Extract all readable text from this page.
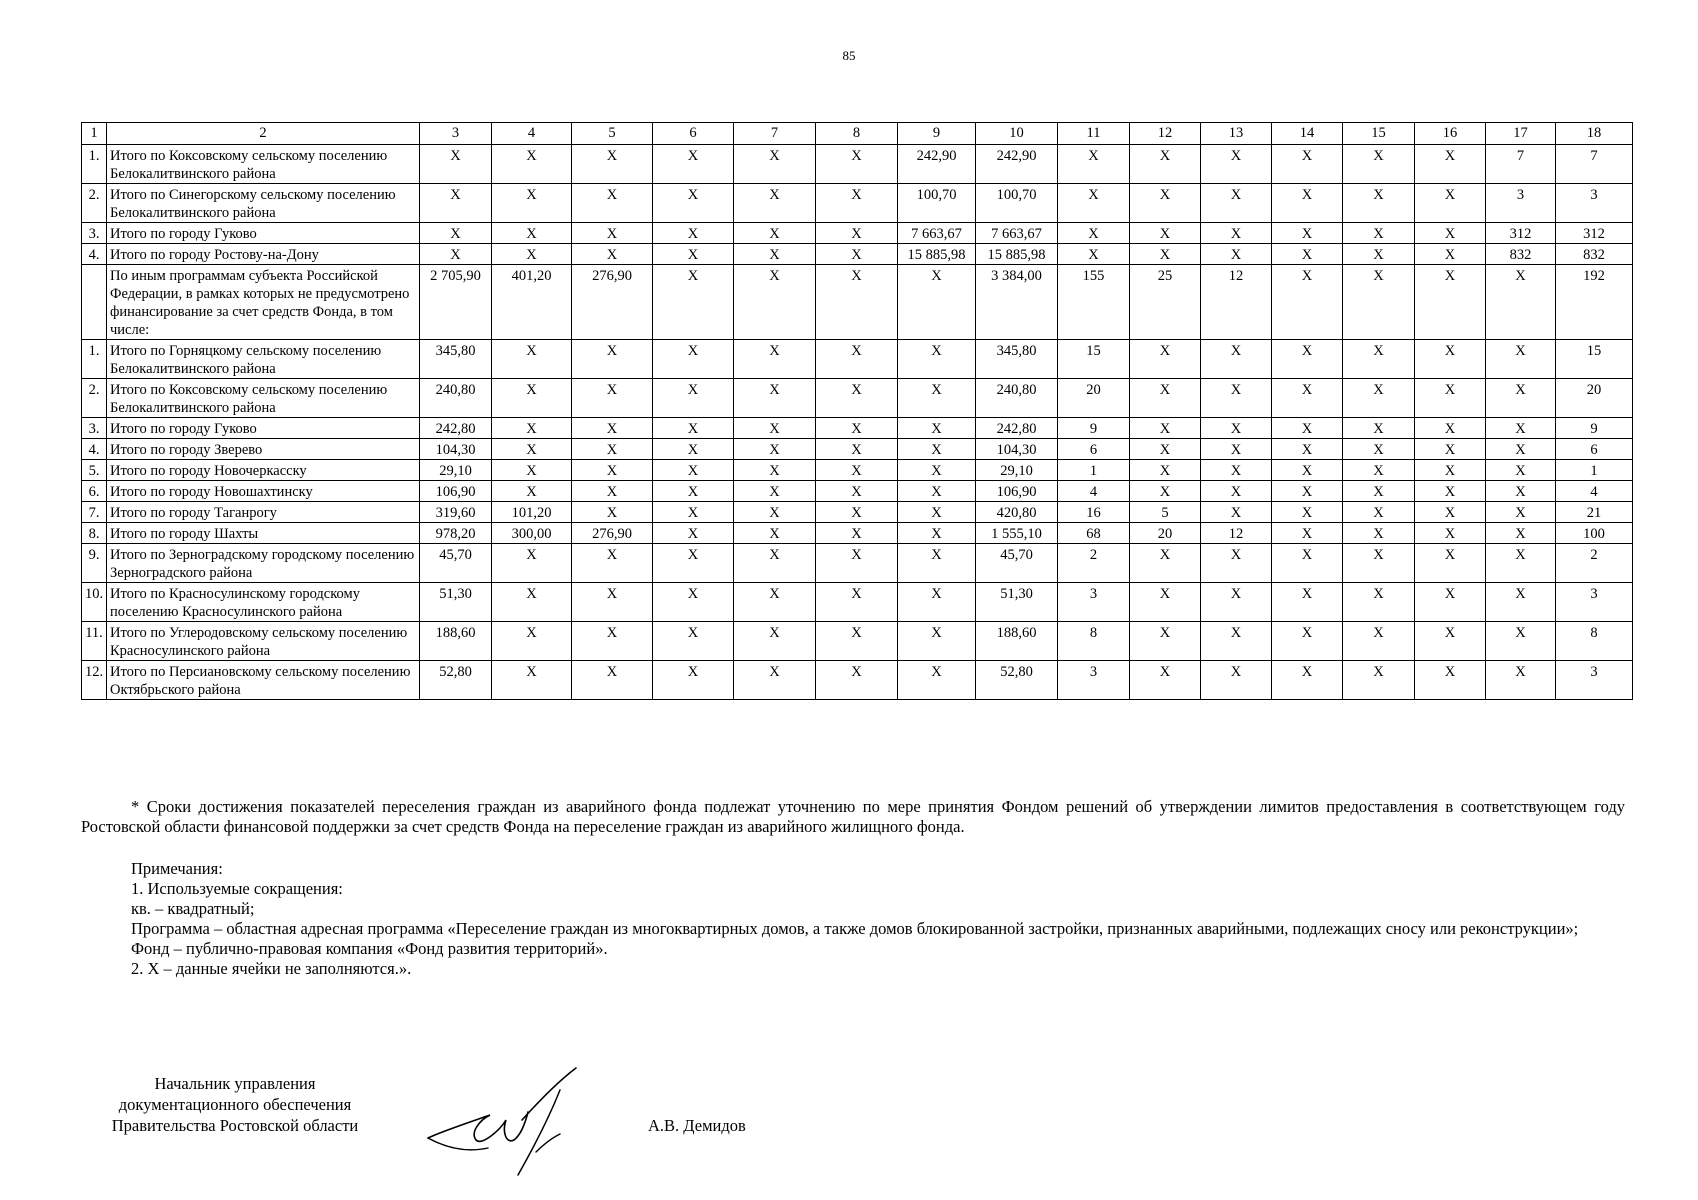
85
1	2	3	4	5	6	7	8	9	10	11	12	13	14	15	16	17	18
1.	Итого по Коксовскому сельскому поселению Белокалитвинского района	X	X	X	X	X	X	242,90	242,90	X	X	X	X	X	X	7	7
2.	Итого по Синегорскому сельскому поселению Белокалитвинского района	X	X	X	X	X	X	100,70	100,70	X	X	X	X	X	X	3	3
3.	Итого по городу Гуково	X	X	X	X	X	X	7 663,67	7 663,67	X	X	X	X	X	X	312	312
4.	Итого по городу Ростову-на-Дону	X	X	X	X	X	X	15 885,98	15 885,98	X	X	X	X	X	X	832	832
	По иным программам субъекта Российской Федерации, в рамках которых не предусмотрено финансирование за счет средств Фонда, в том числе:	2 705,90	401,20	276,90	X	X	X	X	3 384,00	155	25	12	X	X	X	X	192
1.	Итого по Горняцкому сельскому поселению Белокалитвинского района	345,80	X	X	X	X	X	X	345,80	15	X	X	X	X	X	X	15
2.	Итого по Коксовскому сельскому поселению Белокалитвинского района	240,80	X	X	X	X	X	X	240,80	20	X	X	X	X	X	X	20
3.	Итого по городу Гуково	242,80	X	X	X	X	X	X	242,80	9	X	X	X	X	X	X	9
4.	Итого по городу Зверево	104,30	X	X	X	X	X	X	104,30	6	X	X	X	X	X	X	6
5.	Итого по городу Новочеркасску	29,10	X	X	X	X	X	X	29,10	1	X	X	X	X	X	X	1
6.	Итого по городу Новошахтинску	106,90	X	X	X	X	X	X	106,90	4	X	X	X	X	X	X	4
7.	Итого по городу Таганрогу	319,60	101,20	X	X	X	X	X	420,80	16	5	X	X	X	X	X	21
8.	Итого по городу Шахты	978,20	300,00	276,90	X	X	X	X	1 555,10	68	20	12	X	X	X	X	100
9.	Итого по Зерноградскому городскому поселению Зерноградского района	45,70	X	X	X	X	X	X	45,70	2	X	X	X	X	X	X	2
10.	Итого по Красносулинскому городскому поселению Красносулинского района	51,30	X	X	X	X	X	X	51,30	3	X	X	X	X	X	X	3
11.	Итого по Углеродовскому сельскому поселению Красносулинского района	188,60	X	X	X	X	X	X	188,60	8	X	X	X	X	X	X	8
12.	Итого по Персиановскому сельскому поселению Октябрьского района	52,80	X	X	X	X	X	X	52,80	3	X	X	X	X	X	X	3
* Сроки достижения показателей переселения граждан из аварийного фонда подлежат уточнению по мере принятия Фондом решений об утверждении лимитов предоставления в соответствующем году Ростовской области финансовой поддержки за счет средств Фонда на переселение граждан из аварийного жилищного фонда.
Примечания:
1. Используемые сокращения:
кв. – квадратный;
Программа – областная адресная программа «Переселение граждан из многоквартирных домов, а также домов блокированной застройки, признанных аварийными, подлежащих сносу или реконструкции»;
Фонд – публично-правовая компания «Фонд развития территорий».
2. Х – данные ячейки не заполняются.».
Начальник управления
документационного обеспечения
Правительства Ростовской области	А.В. Демидов
